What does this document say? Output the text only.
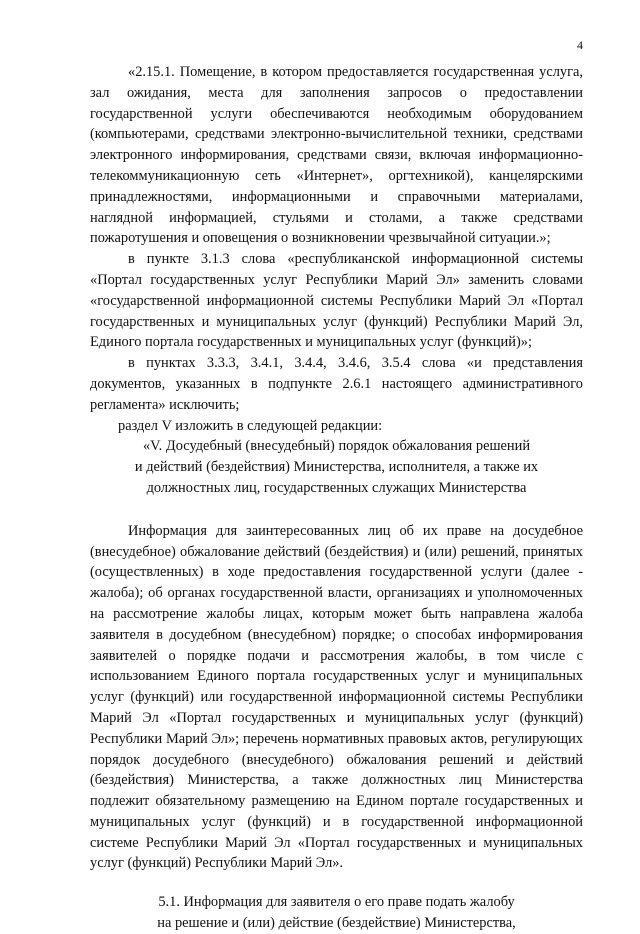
4

«2.15.1. Помещение, в котором предоставляется государственная услуга, зал ожидания, места для заполнения запросов о предоставлении государственной услуги обеспечиваются необходимым оборудованием (компьютерами, средствами электронно-вычислительной техники, средствами электронного информирования, средствами связи, включая информационно-телекоммуникационную сеть «Интернет», оргтехникой), канцелярскими принадлежностями, информационными и справочными материалами, наглядной информацией, стульями и столами, а также средствами пожаротушения и оповещения о возникновении чрезвычайной ситуации.»;

в пункте 3.1.3 слова «республиканской информационной системы «Портал государственных услуг Республики Марий Эл» заменить словами «государственной информационной системы Республики Марий Эл «Портал государственных и муниципальных услуг (функций) Республики Марий Эл, Единого портала государственных и муниципальных услуг (функций)»;

в пунктах 3.3.3, 3.4.1, 3.4.4, 3.4.6, 3.5.4 слова «и представления документов, указанных в подпункте 2.6.1 настоящего административного регламента» исключить;

раздел V изложить в следующей редакции:

«V. Досудебный (внесудебный) порядок обжалования решений

и действий (бездействия) Министерства, исполнителя, а также их

должностных лиц, государственных служащих Министерства

Информация для заинтересованных лиц об их праве на досудебное (внесудебное) обжалование действий (бездействия) и (или) решений, принятых (осуществленных) в ходе предоставления государственной услуги (далее - жалоба); об органах государственной власти, организациях и уполномоченных на рассмотрение жалобы лицах, которым может быть направлена жалоба заявителя в досудебном (внесудебном) порядке; о способах информирования заявителей о порядке подачи и рассмотрения жалобы, в том числе с использованием Единого портала государственных услуг и муниципальных услуг (функций) или государственной информационной системы Республики Марий Эл «Портал государственных и муниципальных услуг (функций) Республики Марий Эл»; перечень нормативных правовых актов, регулирующих порядок досудебного (внесудебного) обжалования решений и действий (бездействия) Министерства, а также должностных лиц Министерства подлежит обязательному размещению на Едином портале государственных и муниципальных услуг (функций) и в государственной информационной системе Республики Марий Эл «Портал государственных и муниципальных услуг (функций) Республики Марий Эл».

5.1. Информация для заявителя о его праве подать жалобу

на решение и (или) действие (бездействие) Министерства,
